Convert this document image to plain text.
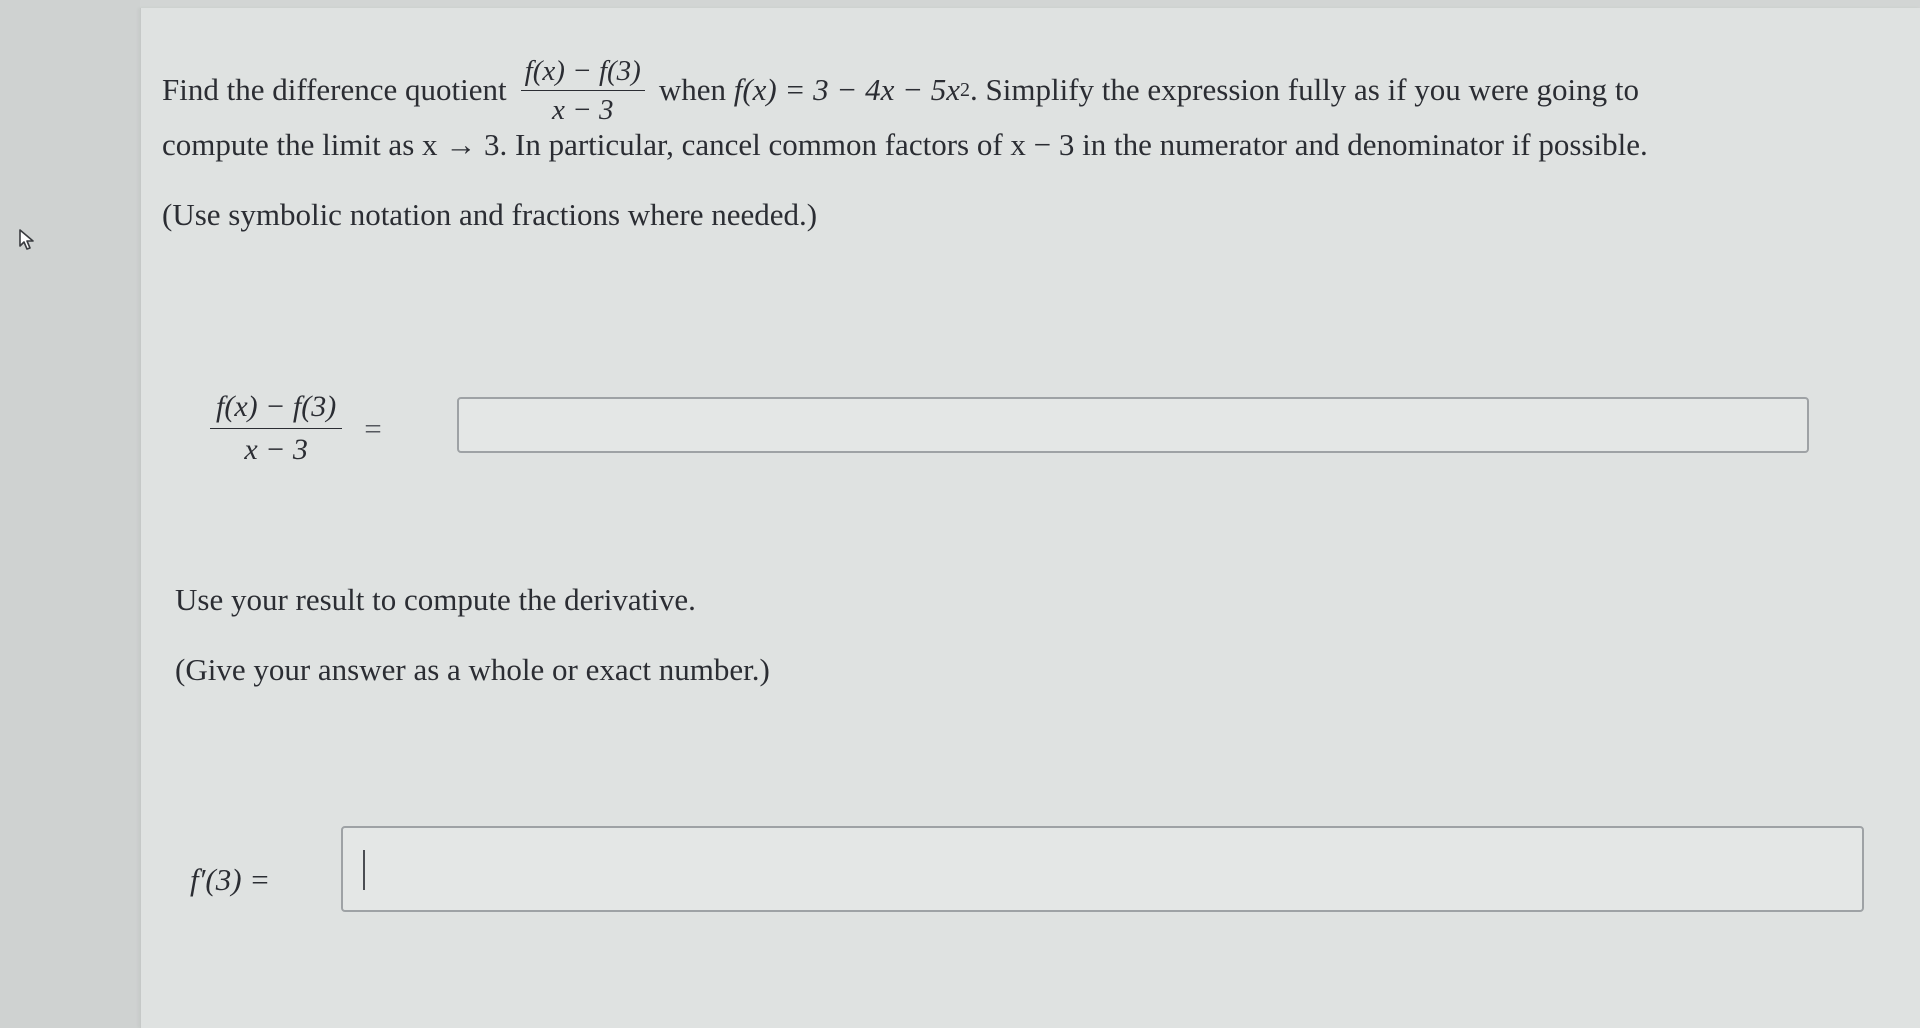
Find the difference quotient $\frac{f(x) - f(3)}{x - 3}$ when
f(x) = 3 − 4x − 5x 2 . Simplify the expression fully as if you were going to
compute the limit as x → 3. In particular, cancel common factors of x − 3 in the numerator and denominator if possible.
(Use symbolic notation and fractions where needed.)
$\frac{f(x) - f(3)}{x - 3}$ =
Use your result to compute the derivative.
(Give your answer as a whole or exact number.)
f′(3) =
